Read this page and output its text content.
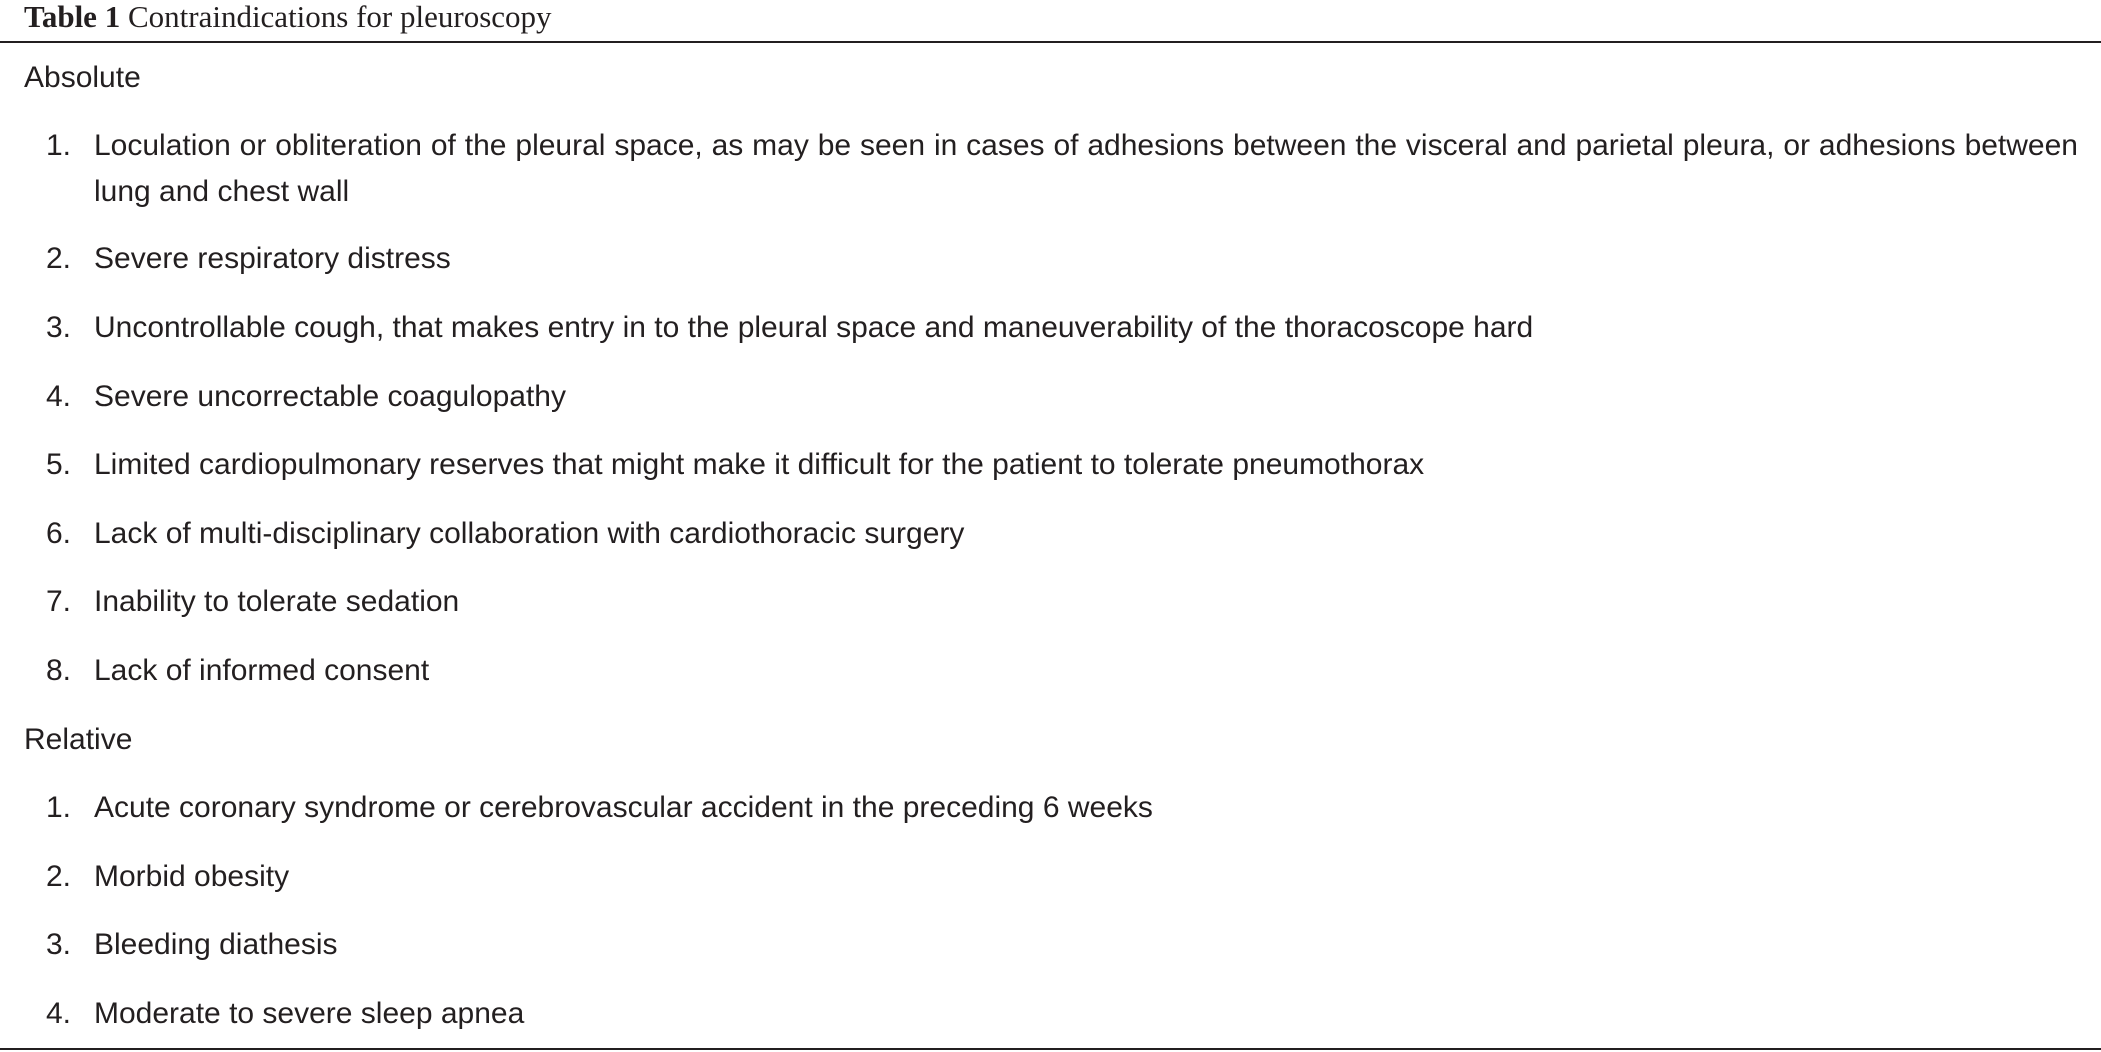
Table 1 Contraindications for pleuroscopy
Absolute
1. Loculation or obliteration of the pleural space, as may be seen in cases of adhesions between the visceral and parietal pleura, or adhesions between lung and chest wall
2. Severe respiratory distress
3. Uncontrollable cough, that makes entry in to the pleural space and maneuverability of the thoracoscope hard
4. Severe uncorrectable coagulopathy
5. Limited cardiopulmonary reserves that might make it difficult for the patient to tolerate pneumothorax
6. Lack of multi-disciplinary collaboration with cardiothoracic surgery
7. Inability to tolerate sedation
8. Lack of informed consent
Relative
1. Acute coronary syndrome or cerebrovascular accident in the preceding 6 weeks
2. Morbid obesity
3. Bleeding diathesis
4. Moderate to severe sleep apnea
